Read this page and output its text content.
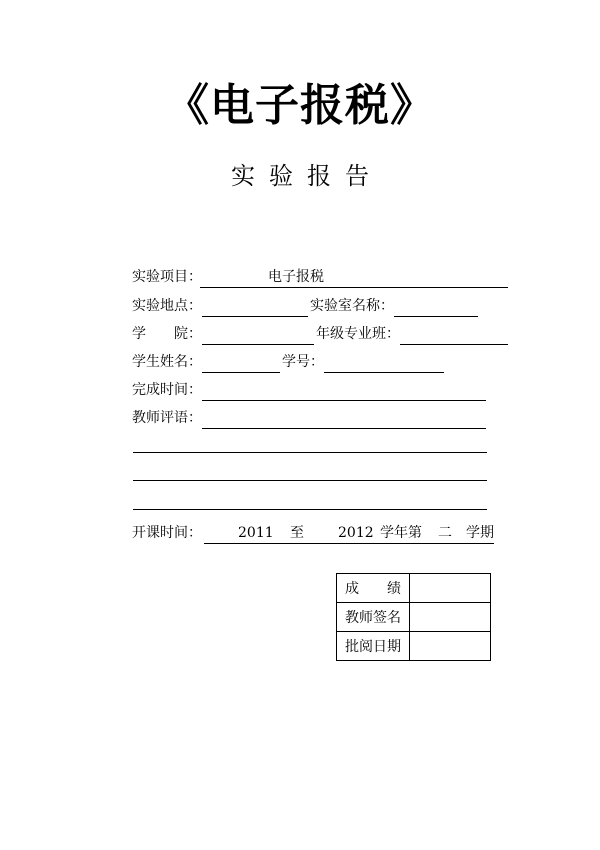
《电子报税》
实验报告
实验项目：	电子报税
实验地点：	实验室名称：
学　　院：	年级专业班：
学生姓名：	学号：
完成时间：
教师评语：
开课时间：	2011 至 2012 学年第 二 学期
成　　绩	
教师签名	
批阅日期	
